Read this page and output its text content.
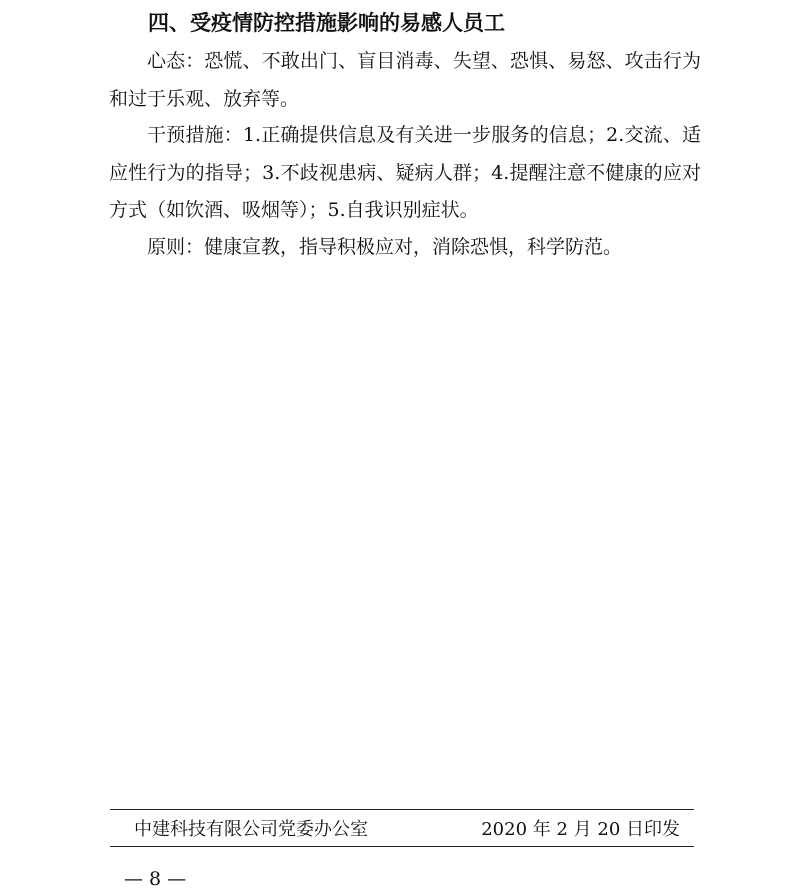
四、受疫情防控措施影响的易感人员工

心态：恐慌、不敢出门、盲目消毒、失望、恐惧、易怒、攻击行为和过于乐观、放弃等。

干预措施：1.正确提供信息及有关进一步服务的信息；2.交流、适应性行为的指导；3.不歧视患病、疑病人群；4.提醒注意不健康的应对方式（如饮酒、吸烟等）；5.自我识别症状。

原则：健康宣教，指导积极应对，消除恐惧，科学防范。

中建科技有限公司党委办公室	2020 年 2 月 20 日印发
— 8 —
